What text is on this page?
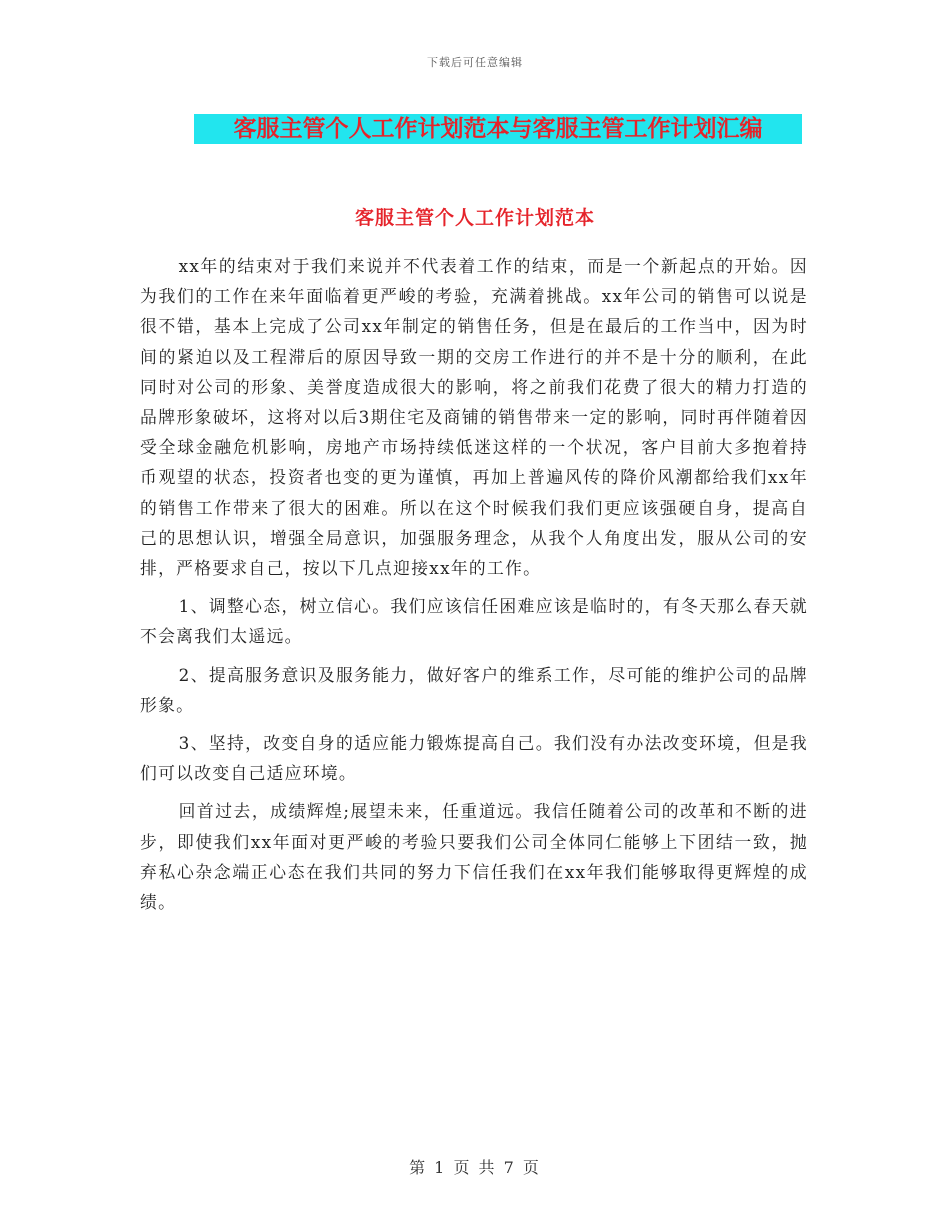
下载后可任意编辑
客服主管个人工作计划范本与客服主管工作计划汇编
客服主管个人工作计划范本

xx年的结束对于我们来说并不代表着工作的结束，而是一个新起点的开始。因为我们的工作在来年面临着更严峻的考验，充满着挑战。xx年公司的销售可以说是很不错，基本上完成了公司xx年制定的销售任务，但是在最后的工作当中，因为时间的紧迫以及工程滞后的原因导致一期的交房工作进行的并不是十分的顺利，在此同时对公司的形象、美誉度造成很大的影响，将之前我们花费了很大的精力打造的品牌形象破坏，这将对以后3期住宅及商铺的销售带来一定的影响，同时再伴随着因受全球金融危机影响，房地产市场持续低迷这样的一个状况，客户目前大多抱着持币观望的状态，投资者也变的更为谨慎，再加上普遍风传的降价风潮都给我们xx年的销售工作带来了很大的困难。所以在这个时候我们我们更应该强硬自身，提高自己的思想认识，增强全局意识，加强服务理念，从我个人角度出发，服从公司的安排，严格要求自己，按以下几点迎接xx年的工作。

1、调整心态，树立信心。我们应该信任困难应该是临时的，有冬天那么春天就不会离我们太遥远。

2、提高服务意识及服务能力，做好客户的维系工作，尽可能的维护公司的品牌形象。

3、坚持，改变自身的适应能力锻炼提高自己。我们没有办法改变环境，但是我们可以改变自己适应环境。

回首过去，成绩辉煌;展望未来，任重道远。我信任随着公司的改革和不断的进步，即使我们xx年面对更严峻的考验只要我们公司全体同仁能够上下团结一致，抛弃私心杂念端正心态在我们共同的努力下信任我们在xx年我们能够取得更辉煌的成绩。

第 1 页 共 7 页
